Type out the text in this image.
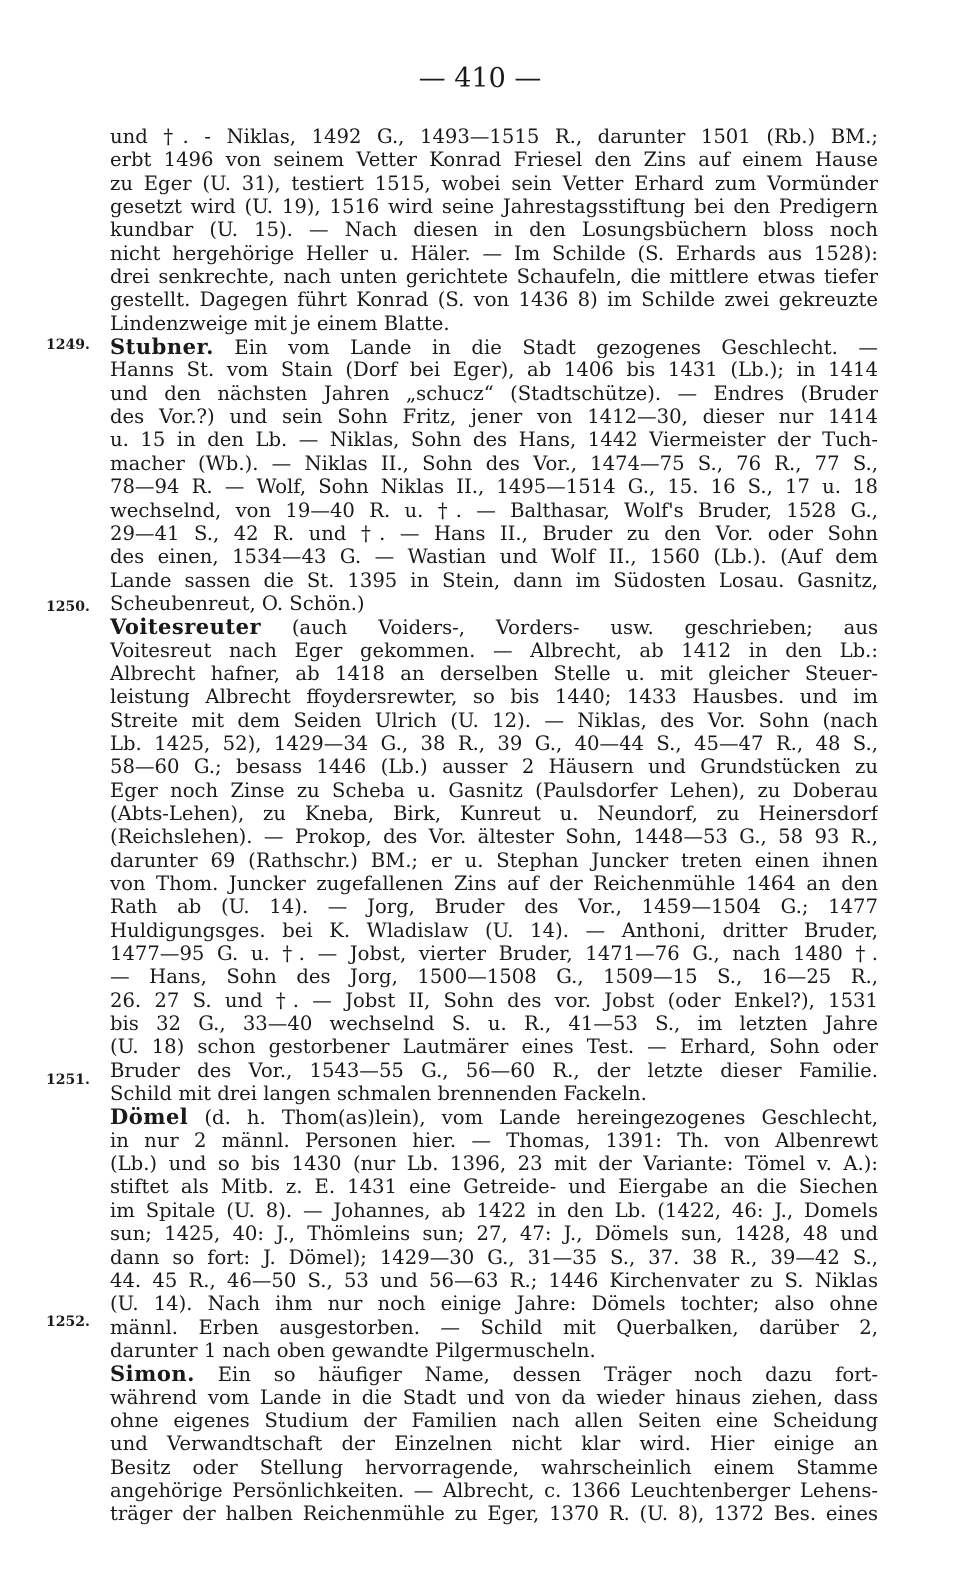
— 410 —
1249.
1250.
1251.
1252.
und †. - Niklas, 1492 G., 1493—1515 R., darunter 1501 (Rb.) BM.;
erbt 1496 von seinem Vetter Konrad Friesel den Zins auf einem Hause
zu Eger (U. 31), testiert 1515, wobei sein Vetter Erhard zum Vormünder
gesetzt wird (U. 19), 1516 wird seine Jahrestagsstiftung bei den Predigern
kundbar (U. 15). — Nach diesen in den Losungsbüchern bloss noch
nicht hergehörige Heller u. Häler. — Im Schilde (S. Erhards aus 1528):
drei senkrechte, nach unten gerichtete Schaufeln, die mittlere etwas tiefer
gestellt. Dagegen führt Konrad (S. von 1436 8) im Schilde zwei gekreuzte
Lindenzweige mit je einem Blatte.
Stubner. Ein vom Lande in die Stadt gezogenes Geschlecht. —
Hanns St. vom Stain (Dorf bei Eger), ab 1406 bis 1431 (Lb.); in 1414
und den nächsten Jahren „schucz“ (Stadtschütze). — Endres (Bruder
des Vor.?) und sein Sohn Fritz, jener von 1412—30, dieser nur 1414
u. 15 in den Lb. — Niklas, Sohn des Hans, 1442 Viermeister der Tuch-
macher (Wb.). — Niklas II., Sohn des Vor., 1474—75 S., 76 R., 77 S.,
78—94 R. — Wolf, Sohn Niklas II., 1495—1514 G., 15. 16 S., 17 u. 18
wechselnd, von 19—40 R. u. †. — Balthasar, Wolf's Bruder, 1528 G.,
29—41 S., 42 R. und †. — Hans II., Bruder zu den Vor. oder Sohn
des einen, 1534—43 G. — Wastian und Wolf II., 1560 (Lb.). (Auf dem
Lande sassen die St. 1395 in Stein, dann im Südosten Losau. Gasnitz,
Scheubenreut, O. Schön.)
Voitesreuter (auch Voiders-, Vorders- usw. geschrieben; aus
Voitesreut nach Eger gekommen. — Albrecht, ab 1412 in den Lb.:
Albrecht hafner, ab 1418 an derselben Stelle u. mit gleicher Steuer-
leistung Albrecht ffoydersrewter, so bis 1440; 1433 Hausbes. und im
Streite mit dem Seiden Ulrich (U. 12). — Niklas, des Vor. Sohn (nach
Lb. 1425, 52), 1429—34 G., 38 R., 39 G., 40—44 S., 45—47 R., 48 S.,
58—60 G.; besass 1446 (Lb.) ausser 2 Häusern und Grundstücken zu
Eger noch Zinse zu Scheba u. Gasnitz (Paulsdorfer Lehen), zu Doberau
(Abts-Lehen), zu Kneba, Birk, Kunreut u. Neundorf, zu Heinersdorf
(Reichslehen). — Prokop, des Vor. ältester Sohn, 1448—53 G., 58 93 R.,
darunter 69 (Rathschr.) BM.; er u. Stephan Juncker treten einen ihnen
von Thom. Juncker zugefallenen Zins auf der Reichenmühle 1464 an den
Rath ab (U. 14). — Jorg, Bruder des Vor., 1459—1504 G.; 1477
Huldigungsges. bei K. Wladislaw (U. 14). — Anthoni, dritter Bruder,
1477—95 G. u. †. — Jobst, vierter Bruder, 1471—76 G., nach 1480 †.
— Hans, Sohn des Jorg, 1500—1508 G., 1509—15 S., 16—25 R.,
26. 27 S. und †. — Jobst II, Sohn des vor. Jobst (oder Enkel?), 1531
bis 32 G., 33—40 wechselnd S. u. R., 41—53 S., im letzten Jahre
(U. 18) schon gestorbener Lautmärer eines Test. — Erhard, Sohn oder
Bruder des Vor., 1543—55 G., 56—60 R., der letzte dieser Familie.
Schild mit drei langen schmalen brennenden Fackeln.
Dömel (d. h. Thom(as)lein), vom Lande hereingezogenes Geschlecht,
in nur 2 männl. Personen hier. — Thomas, 1391: Th. von Albenrewt
(Lb.) und so bis 1430 (nur Lb. 1396, 23 mit der Variante: Tömel v. A.):
stiftet als Mitb. z. E. 1431 eine Getreide- und Eiergabe an die Siechen
im Spitale (U. 8). — Johannes, ab 1422 in den Lb. (1422, 46: J., Domels
sun; 1425, 40: J., Thömleins sun; 27, 47: J., Dömels sun, 1428, 48 und
dann so fort: J. Dömel); 1429—30 G., 31—35 S., 37. 38 R., 39—42 S.,
44. 45 R., 46—50 S., 53 und 56—63 R.; 1446 Kirchenvater zu S. Niklas
(U. 14). Nach ihm nur noch einige Jahre: Dömels tochter; also ohne
männl. Erben ausgestorben. — Schild mit Querbalken, darüber 2,
darunter 1 nach oben gewandte Pilgermuscheln.
Simon. Ein so häufiger Name, dessen Träger noch dazu fort-
während vom Lande in die Stadt und von da wieder hinaus ziehen, dass
ohne eigenes Studium der Familien nach allen Seiten eine Scheidung
und Verwandtschaft der Einzelnen nicht klar wird. Hier einige an
Besitz oder Stellung hervorragende, wahrscheinlich einem Stamme
angehörige Persönlichkeiten. — Albrecht, c. 1366 Leuchtenberger Lehens-
träger der halben Reichenmühle zu Eger, 1370 R. (U. 8), 1372 Bes. eines
